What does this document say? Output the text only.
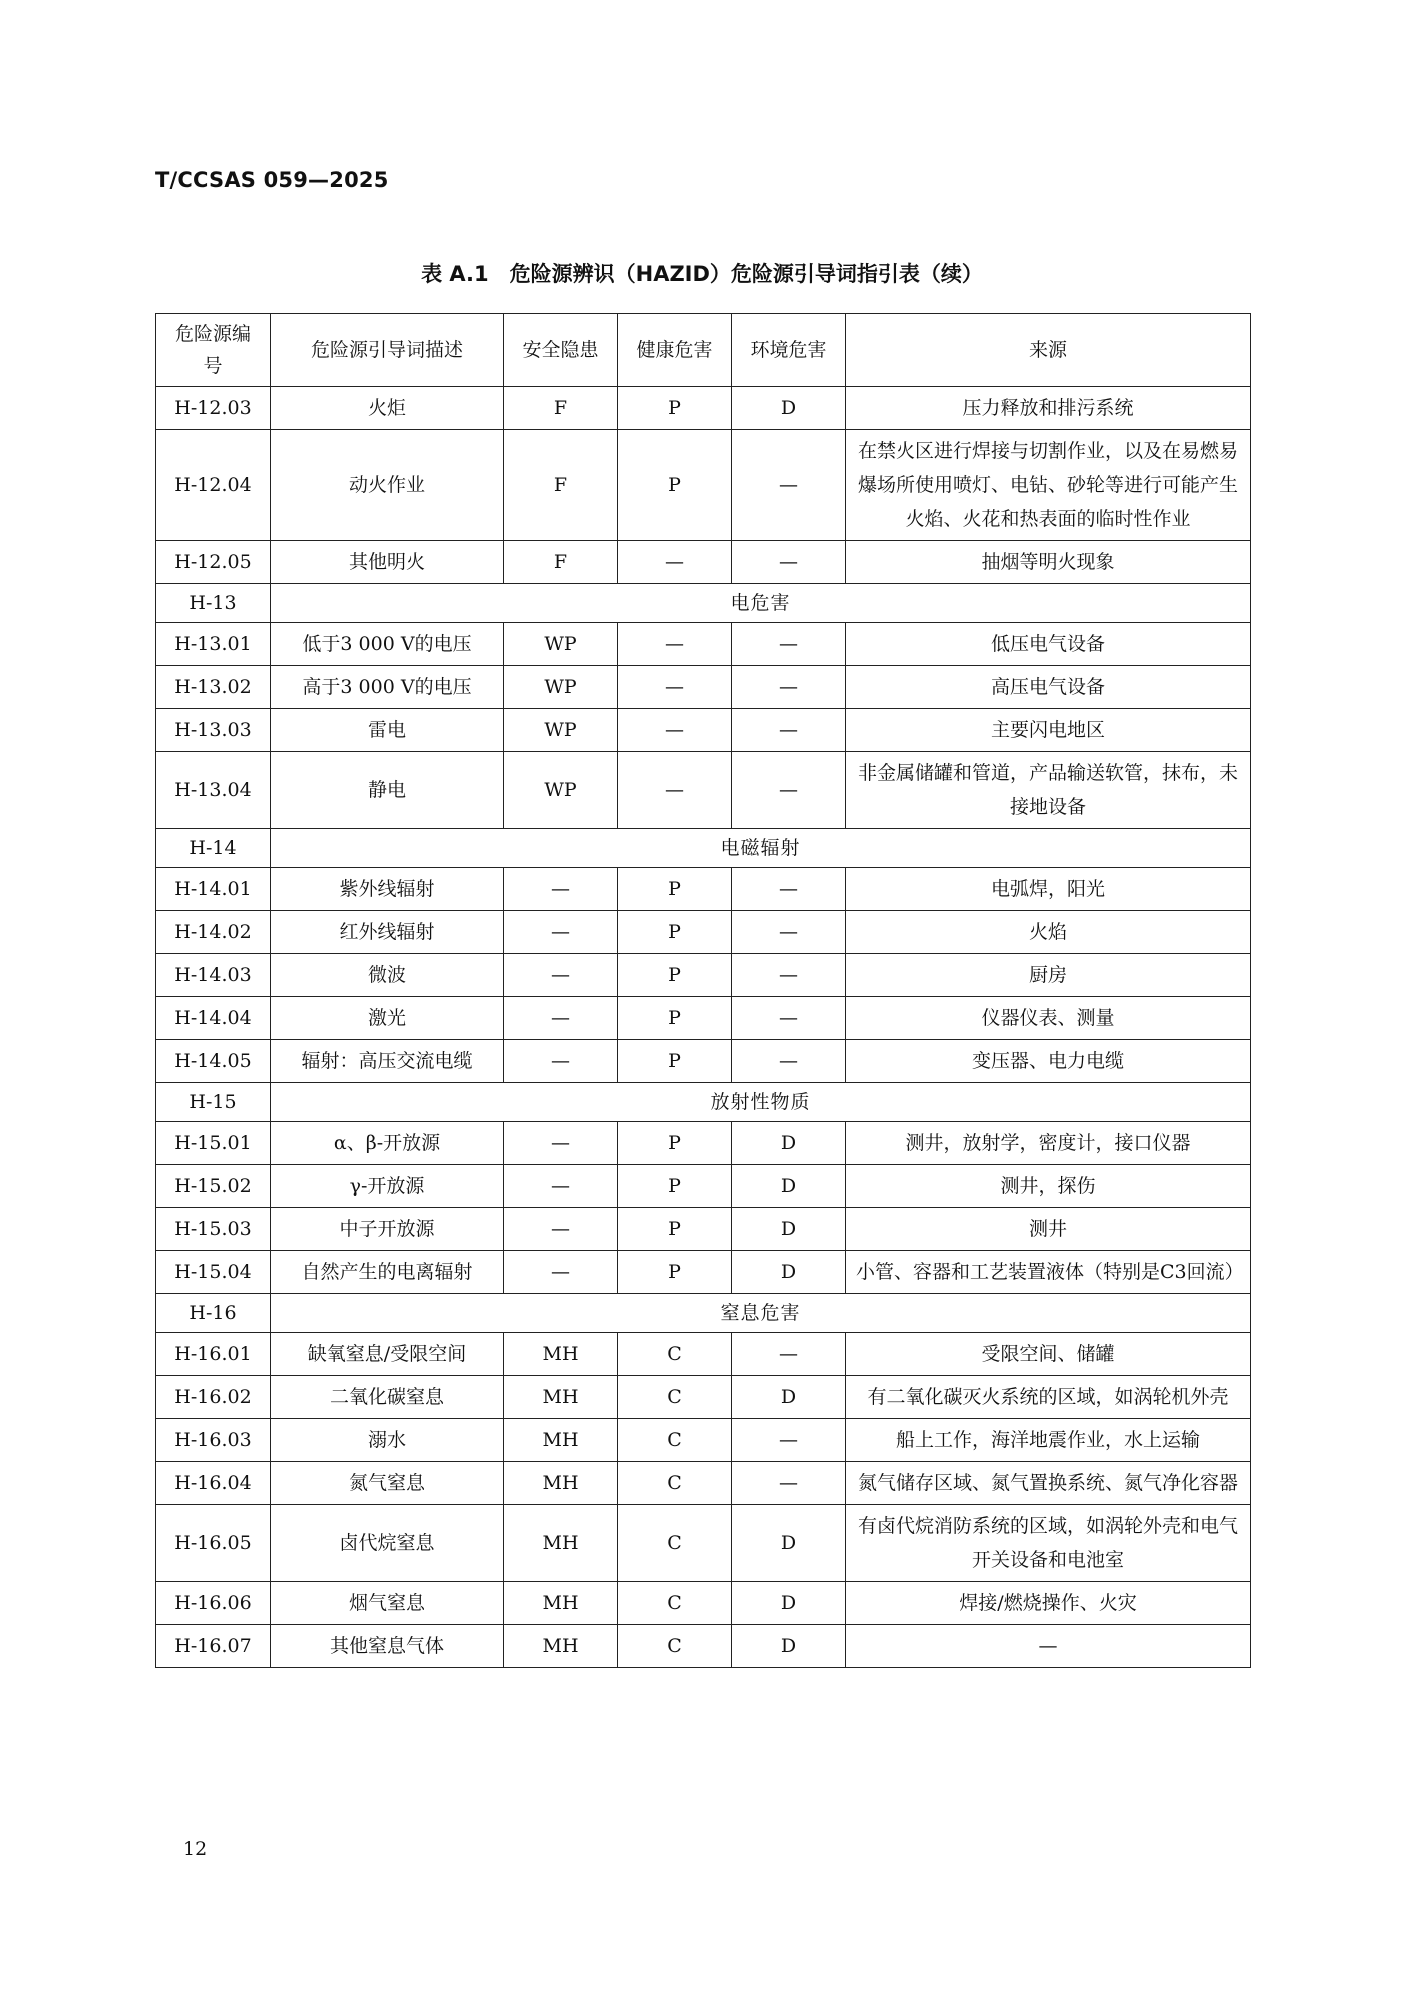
T/CCSAS 059—2025
表 A.1　危险源辨识（HAZID）危险源引导词指引表（续）
危险源编号	危险源引导词描述	安全隐患	健康危害	环境危害	来源
H-12.03	火炬	F	P	D	压力释放和排污系统
H-12.04	动火作业	F	P	—	在禁火区进行焊接与切割作业，以及在易燃易爆场所使用喷灯、电钻、砂轮等进行可能产生火焰、火花和热表面的临时性作业
H-12.05	其他明火	F	—	—	抽烟等明火现象
H-13	电危害				
H-13.01	低于3 000 V的电压	WP	—	—	低压电气设备
H-13.02	高于3 000 V的电压	WP	—	—	高压电气设备
H-13.03	雷电	WP	—	—	主要闪电地区
H-13.04	静电	WP	—	—	非金属储罐和管道，产品输送软管，抹布，未接地设备
H-14	电磁辐射				
H-14.01	紫外线辐射	—	P	—	电弧焊，阳光
H-14.02	红外线辐射	—	P	—	火焰
H-14.03	微波	—	P	—	厨房
H-14.04	激光	—	P	—	仪器仪表、测量
H-14.05	辐射：高压交流电缆	—	P	—	变压器、电力电缆
H-15	放射性物质				
H-15.01	α、β-开放源	—	P	D	测井，放射学，密度计，接口仪器
H-15.02	γ-开放源	—	P	D	测井，探伤
H-15.03	中子开放源	—	P	D	测井
H-15.04	自然产生的电离辐射	—	P	D	小管、容器和工艺装置液体（特别是C3回流）
H-16	窒息危害				
H-16.01	缺氧窒息/受限空间	MH	C	—	受限空间、储罐
H-16.02	二氧化碳窒息	MH	C	D	有二氧化碳灭火系统的区域，如涡轮机外壳
H-16.03	溺水	MH	C	—	船上工作，海洋地震作业，水上运输
H-16.04	氮气窒息	MH	C	—	氮气储存区域、氮气置换系统、氮气净化容器
H-16.05	卤代烷窒息	MH	C	D	有卤代烷消防系统的区域，如涡轮外壳和电气开关设备和电池室
H-16.06	烟气窒息	MH	C	D	焊接/燃烧操作、火灾
H-16.07	其他窒息气体	MH	C	D	—
12
